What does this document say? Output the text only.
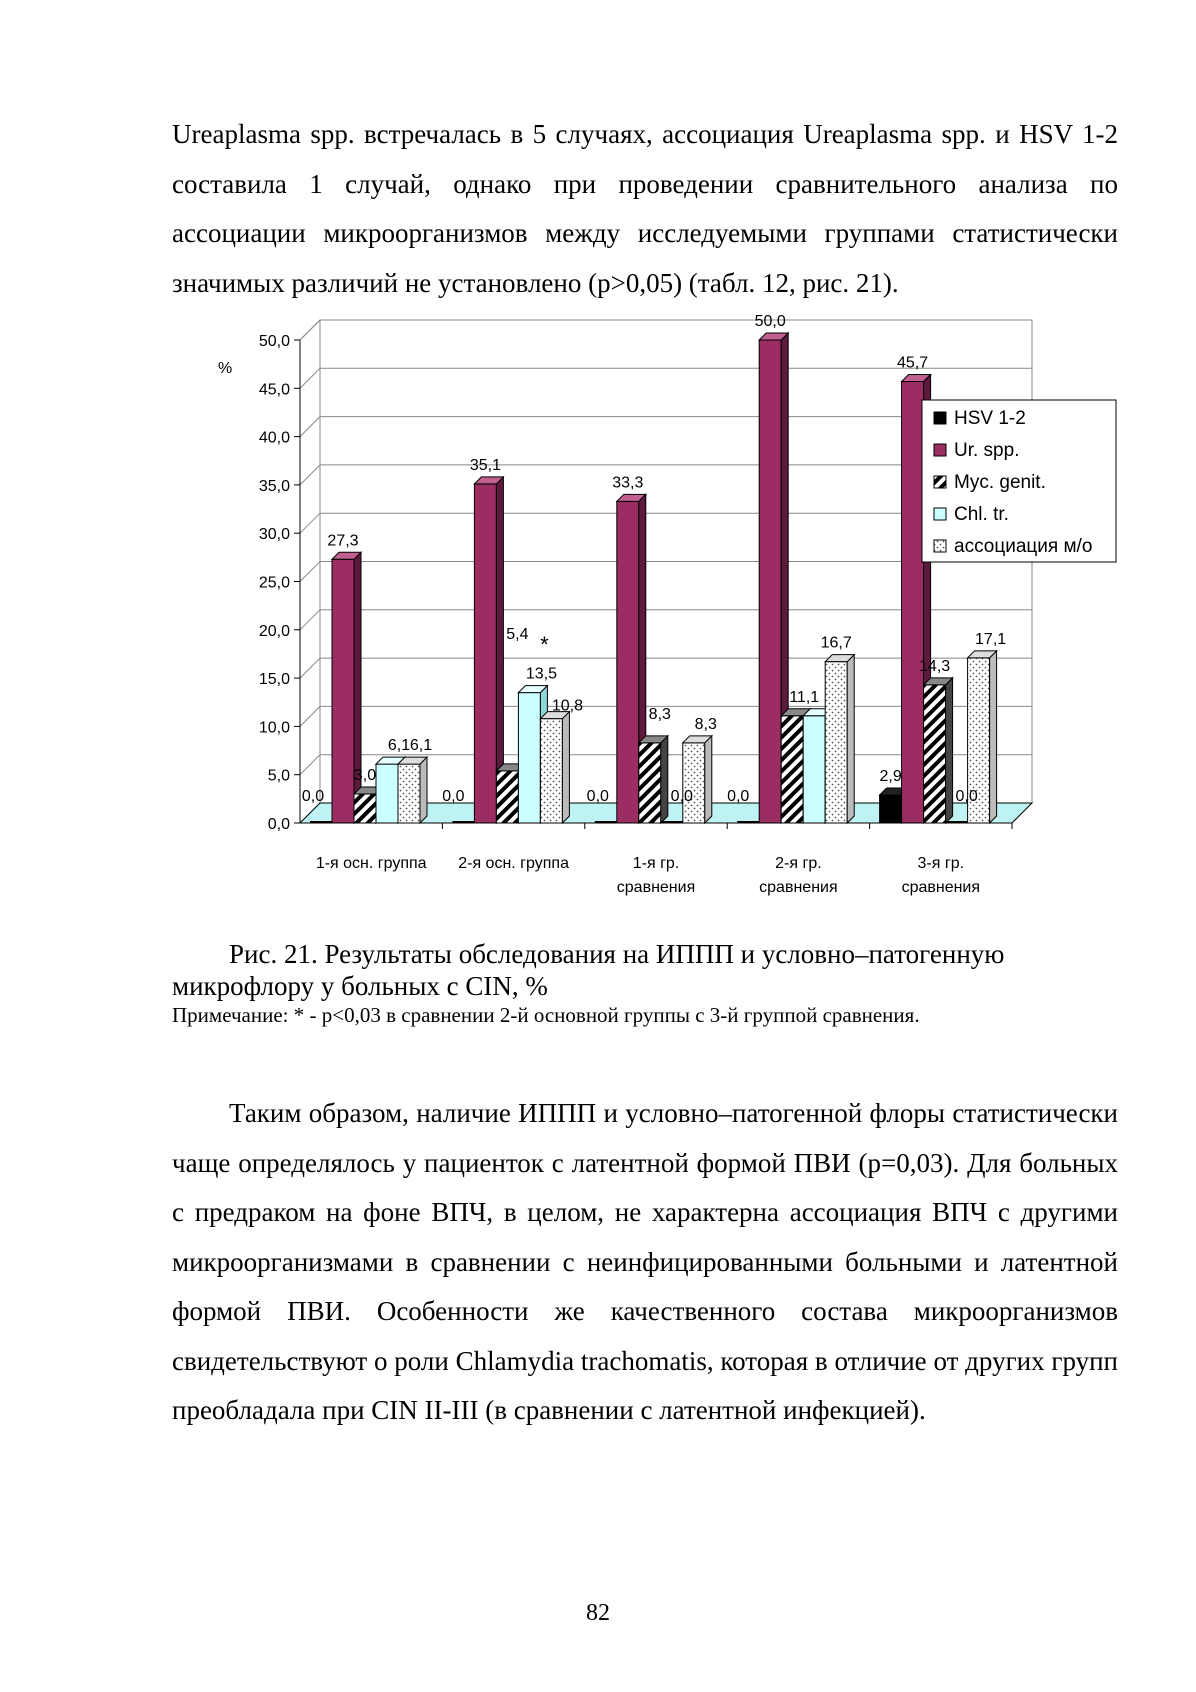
Ureaplasma spp. встречалась в 5 случаях, ассоциация Ureaplasma spp. и HSV 1-2 составила 1 случай, однако при проведении сравнительного анализа по ассоциации микроорганизмов между исследуемыми группами статистически значимых различий не установлено (p>0,05) (табл. 12, рис. 21).

0,0
5,0
10,0
15,0
20,0
25,0
30,0
35,0
40,0
45,0
50,0
%
0,0
27,3
3,0
6,1 6,1
0,0
35,1
5,4
13,5
10,8
0,0
33,3
8,3
0,0
8,3
0,0
50,0
11,1
16,7
2,9
45,7
14,3
0,0
17,1
*
1-я осн. группа 2-я осн. группа	1-я гр.
сравнения
2-я гр.
сравнения
3-я гр.
сравнения
HSV 1-2
Ur. spp.
Myc. genit.
Chl. tr.
ассоциация м/о

Рис. 21. Результаты обследования на ИППП и условно–патогенную микрофлору у больных с CIN, %

Примечание: * - p<0,03 в сравнении 2-й основной группы с 3-й группой сравнения.

Таким образом, наличие ИППП и условно–патогенной флоры статистически чаще определялось у пациенток с латентной формой ПВИ (p=0,03). Для больных с предраком на фоне ВПЧ, в целом, не характерна ассоциация ВПЧ с другими микроорганизмами в сравнении с неинфицированными больными и латентной формой ПВИ. Особенности же качественного состава микроорганизмов свидетельствуют о роли Chlamydia trachomatis, которая в отличие от других групп преобладала при CIN II-III (в сравнении с латентной инфекцией).

82
